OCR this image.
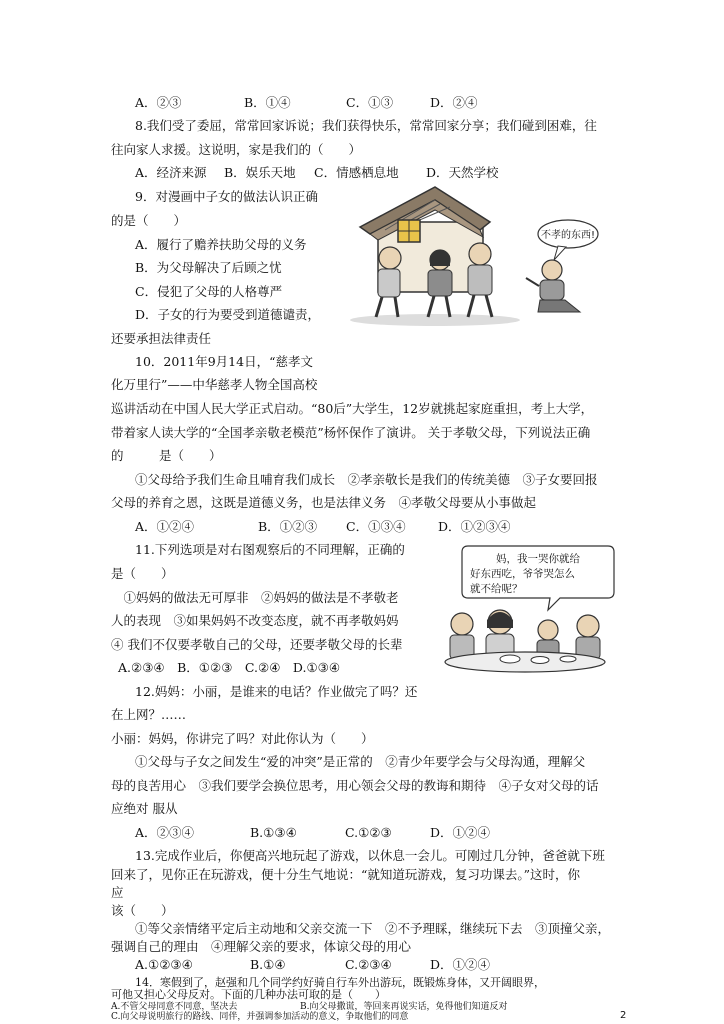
A．②③	B．①④	C．①③	D．②④
8.我们受了委屈，常常回家诉说；我们获得快乐，常常回家分享；我们碰到困难，往
往向家人求援。这说明，家是我们的（　　）
A．经济来源 B．娱乐天地 C．情感栖息地 D．天然学校
9．对漫画中子女的做法认识正确
的是（　　）
A．履行了赡养扶助父母的义务
B．为父母解决了后顾之忧
C．侵犯了父母的人格尊严
D．子女的行为要受到道德谴责，
还要承担法律责任
不孝的东西!
10．2011年9月14日，“慈孝文
化万里行”——中华慈孝人物全国高校
巡讲活动在中国人民大学正式启动。“80后”大学生，12岁就挑起家庭重担，考上大学，
带着家人读大学的“全国孝亲敬老模范”杨怀保作了演讲。 关于孝敬父母，下列说法正确
的	是（　　）
①父母给予我们生命且哺育我们成长　②孝亲敬长是我们的传统美德　③子女要回报
父母的养育之恩，这既是道德义务，也是法律义务　④孝敬父母要从小事做起
A．①②④	B．①②③ C．①③④	D．①②③④
11.下列选项是对右图观察后的不同理解，正确的
是（　　）
　①妈妈的做法无可厚非　②妈妈的做法是不孝敬老
人的表现　③如果妈妈不改变态度，就不再孝敬妈妈
④ 我们不仅要孝敬自己的父母，还要孝敬父母的长辈
A.②③④　B．①②③　C.②④　D.①③④
妈，我一哭你就给
好东西吃，爷爷哭怎么
就不给呢？
12.妈妈：小丽，是谁来的电话？作业做完了吗？还
在上网？……
小丽：妈妈，你讲完了吗？对此你认为（　　）
①父母与子女之间发生“爱的冲突”是正常的　②青少年要学会与父母沟通，理解父
母的良苦用心　③我们要学会换位思考，用心领会父母的教诲和期待　④子女对父母的话
应绝对 服从
A．②③④	B.①③④	C.①②③	D．①②④
13.完成作业后，你便高兴地玩起了游戏，以休息一会儿。可刚过几分钟，爸爸就下班
回来了，见你正在玩游戏，便十分生气地说：“就知道玩游戏，复习功课去。”这时，你
应
该（　　）
①等父亲情绪平定后主动地和父亲交流一下　②不予理睬，继续玩下去　③顶撞父亲，
强调自己的理由　④理解父亲的要求，体谅父母的用心
A.①②③④	B.①④	C.②③④	D．①②④
14．寒假到了，赵强和几个同学约好骑自行车外出游玩，既锻炼身体，又开阔眼界，
可他又担心父母反对。下面的几种办法可取的是（　　）
A.不管父母同意不同意，坚决去	B.向父母撒谎，等回来再说实话，免得他们知道反对
C.向父母说明旅行的路线、同伴，并强调参加活动的意义，争取他们的同意	2
